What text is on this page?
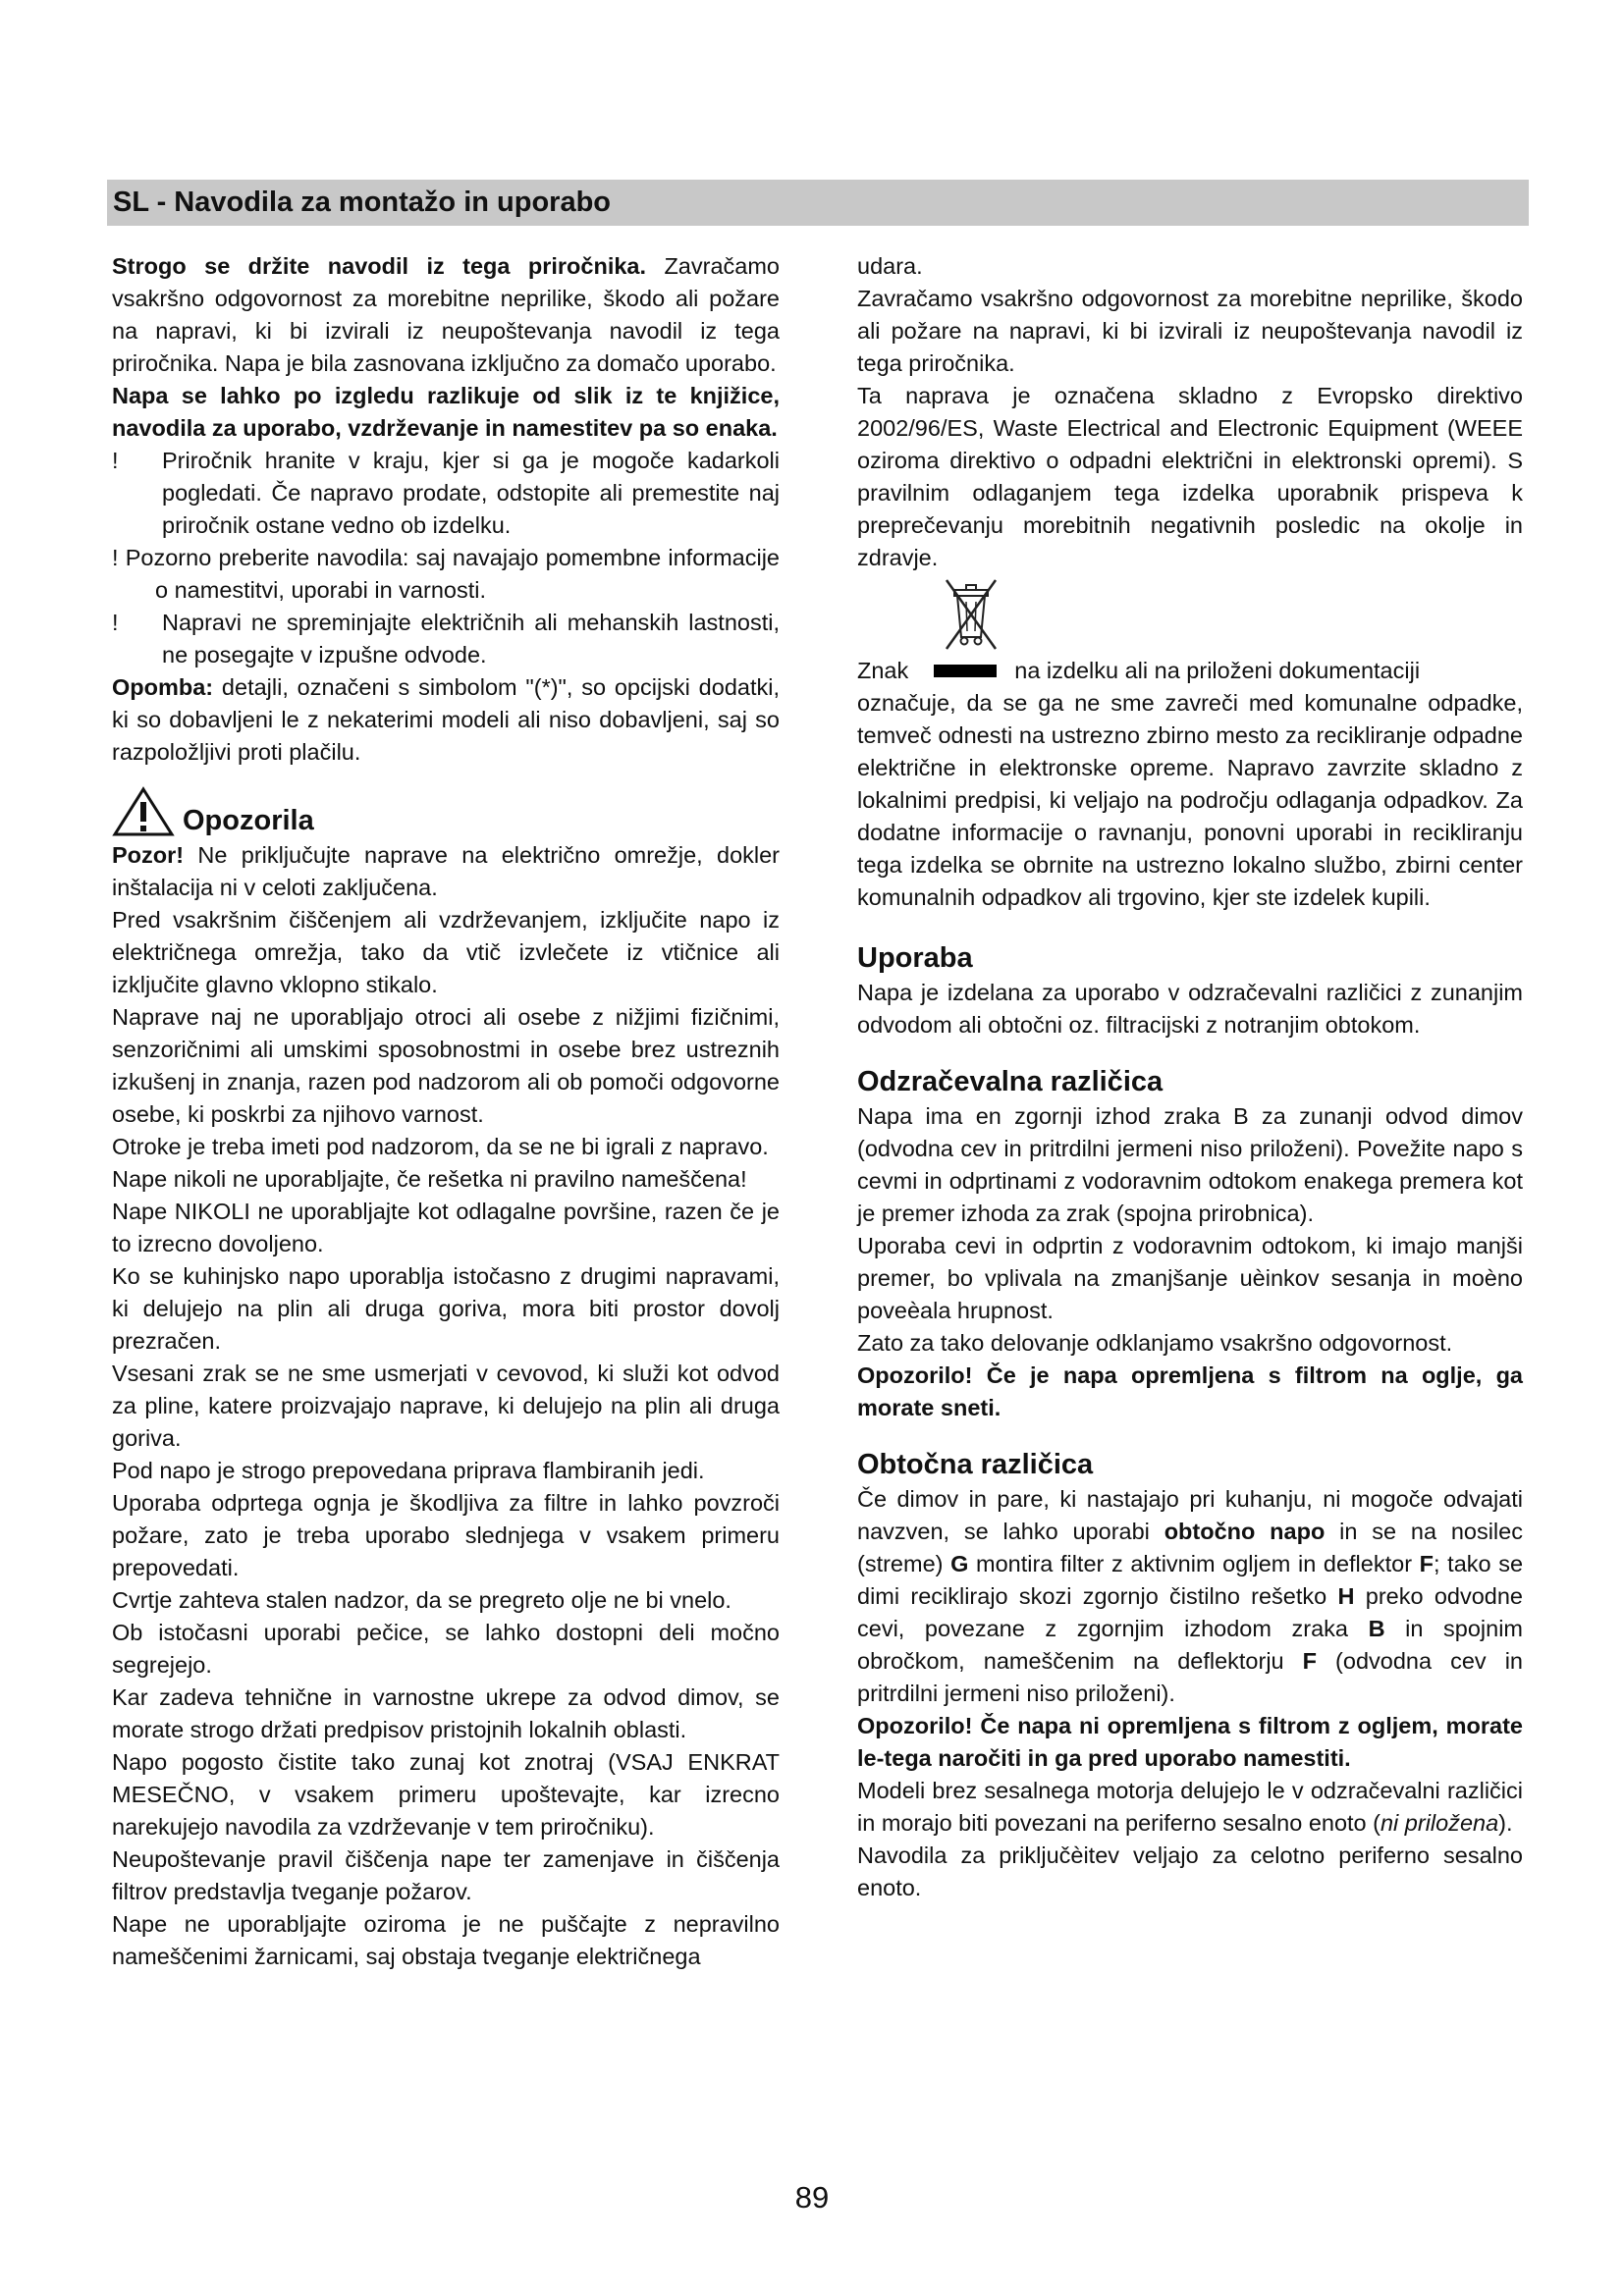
SL - Navodila za montažo in uporabo

Strogo se držite navodil iz tega priročnika. Zavračamo vsakršno odgovornost za morebitne neprilike, škodo ali požare na napravi, ki bi izvirali iz neupoštevanja navodil iz tega priročnika. Napa je bila zasnovana izključno za domačo uporabo.

Napa se lahko po izgledu razlikuje od slik iz te knjižice, navodila za uporabo, vzdrževanje in namestitev pa so enaka.

!	Priročnik hranite v kraju, kjer si ga je mogoče kadarkoli pogledati. Če napravo prodate, odstopite ali premestite naj priročnik ostane vedno ob izdelku.
! Pozorno preberite navodila: saj navajajo pomembne informacije o namestitvi, uporabi in varnosti.
!	Napravi ne spreminjajte električnih ali mehanskih lastnosti, ne posegajte v izpušne odvode.

Opomba: detajli, označeni s simbolom "(*)", so opcijski dodatki, ki so dobavljeni le z nekaterimi modeli ali niso dobavljeni, saj so razpoložljivi proti plačilu.

Opozorila

Pozor! Ne priključujte naprave na električno omrežje, dokler inštalacija ni v celoti zaključena.

Pred vsakršnim čiščenjem ali vzdrževanjem, izključite napo iz električnega omrežja, tako da vtič izvlečete iz vtičnice ali izključite glavno vklopno stikalo.

Naprave naj ne uporabljajo otroci ali osebe z nižjimi fizičnimi, senzoričnimi ali umskimi sposobnostmi in osebe brez ustreznih izkušenj in znanja, razen pod nadzorom ali ob pomoči odgovorne osebe, ki poskrbi za njihovo varnost.

Otroke je treba imeti pod nadzorom, da se ne bi igrali z napravo.

Nape nikoli ne uporabljajte, če rešetka ni pravilno nameščena!

Nape NIKOLI ne uporabljajte kot odlagalne površine, razen če je to izrecno dovoljeno.

Ko se kuhinjsko napo uporablja istočasno z drugimi napravami, ki delujejo na plin ali druga goriva, mora biti prostor dovolj prezračen.

Vsesani zrak se ne sme usmerjati v cevovod, ki služi kot odvod za pline, katere proizvajajo naprave, ki delujejo na plin ali druga goriva.

Pod napo je strogo prepovedana priprava flambiranih jedi.

Uporaba odprtega ognja je škodljiva za filtre in lahko povzroči požare, zato je treba uporabo slednjega v vsakem primeru prepovedati.

Cvrtje zahteva stalen nadzor, da se pregreto olje ne bi vnelo.

Ob istočasni uporabi pečice, se lahko dostopni deli močno segrejejo.

Kar zadeva tehnične in varnostne ukrepe za odvod dimov, se morate strogo držati predpisov pristojnih lokalnih oblasti.

Napo pogosto čistite tako zunaj kot znotraj (VSAJ ENKRAT MESEČNO, v vsakem primeru upoštevajte, kar izrecno narekujejo navodila za vzdrževanje v tem priročniku).

Neupoštevanje pravil čiščenja nape ter zamenjave in čiščenja filtrov predstavlja tveganje požarov.

Nape ne uporabljajte oziroma je ne puščajte z nepravilno nameščenimi žarnicami, saj obstaja tveganje električnega

udara.

Zavračamo vsakršno odgovornost za morebitne neprilike, škodo ali požare na napravi, ki bi izvirali iz neupoštevanja navodil iz tega priročnika.

Ta naprava je označena skladno z Evropsko direktivo 2002/96/ES, Waste Electrical and Electronic Equipment (WEEE oziroma direktivo o odpadni električni in elektronski opremi). S pravilnim odlaganjem tega izdelka uporabnik prispeva k preprečevanju morebitnih negativnih posledic na okolje in zdravje.

Znak	na izdelku ali na priloženi dokumentaciji

označuje, da se ga ne sme zavreči med komunalne odpadke, temveč odnesti na ustrezno zbirno mesto za recikliranje odpadne električne in elektronske opreme. Napravo zavrzite skladno z lokalnimi predpisi, ki veljajo na področju odlaganja odpadkov. Za dodatne informacije o ravnanju, ponovni uporabi in recikliranju tega izdelka se obrnite na ustrezno lokalno službo, zbirni center komunalnih odpadkov ali trgovino, kjer ste izdelek kupili.

Uporaba

Napa je izdelana za uporabo v odzračevalni različici z zunanjim odvodom ali obtočni oz. filtracijski z notranjim obtokom.

Odzračevalna različica

Napa ima en zgornji izhod zraka B za zunanji odvod dimov (odvodna cev in pritrdilni jermeni niso priloženi). Povežite napo s cevmi in odprtinami z vodoravnim odtokom enakega premera kot je premer izhoda za zrak (spojna prirobnica).

Uporaba cevi in odprtin z vodoravnim odtokom, ki imajo manjši premer, bo vplivala na zmanjšanje uèinkov sesanja in moèno poveèala hrupnost.

Zato za tako delovanje odklanjamo vsakršno odgovornost.

Opozorilo! Če je napa opremljena s filtrom na oglje, ga morate sneti.

Obtočna različica

Če dimov in pare, ki nastajajo pri kuhanju, ni mogoče odvajati navzven, se lahko uporabi obtočno napo in se na nosilec (streme) G montira filter z aktivnim ogljem in deflektor F; tako se dimi reciklirajo skozi zgornjo čistilno rešetko H preko odvodne cevi, povezane z zgornjim izhodom zraka B in spojnim obročkom, nameščenim na deflektorju F (odvodna cev in pritrdilni jermeni niso priloženi).

Opozorilo! Če napa ni opremljena s filtrom z ogljem, morate le-tega naročiti in ga pred uporabo namestiti.

Modeli brez sesalnega motorja delujejo le v odzračevalni različici in morajo biti povezani na periferno sesalno enoto (ni priložena).

Navodila za priključèitev veljajo za celotno periferno sesalno enoto.

89
